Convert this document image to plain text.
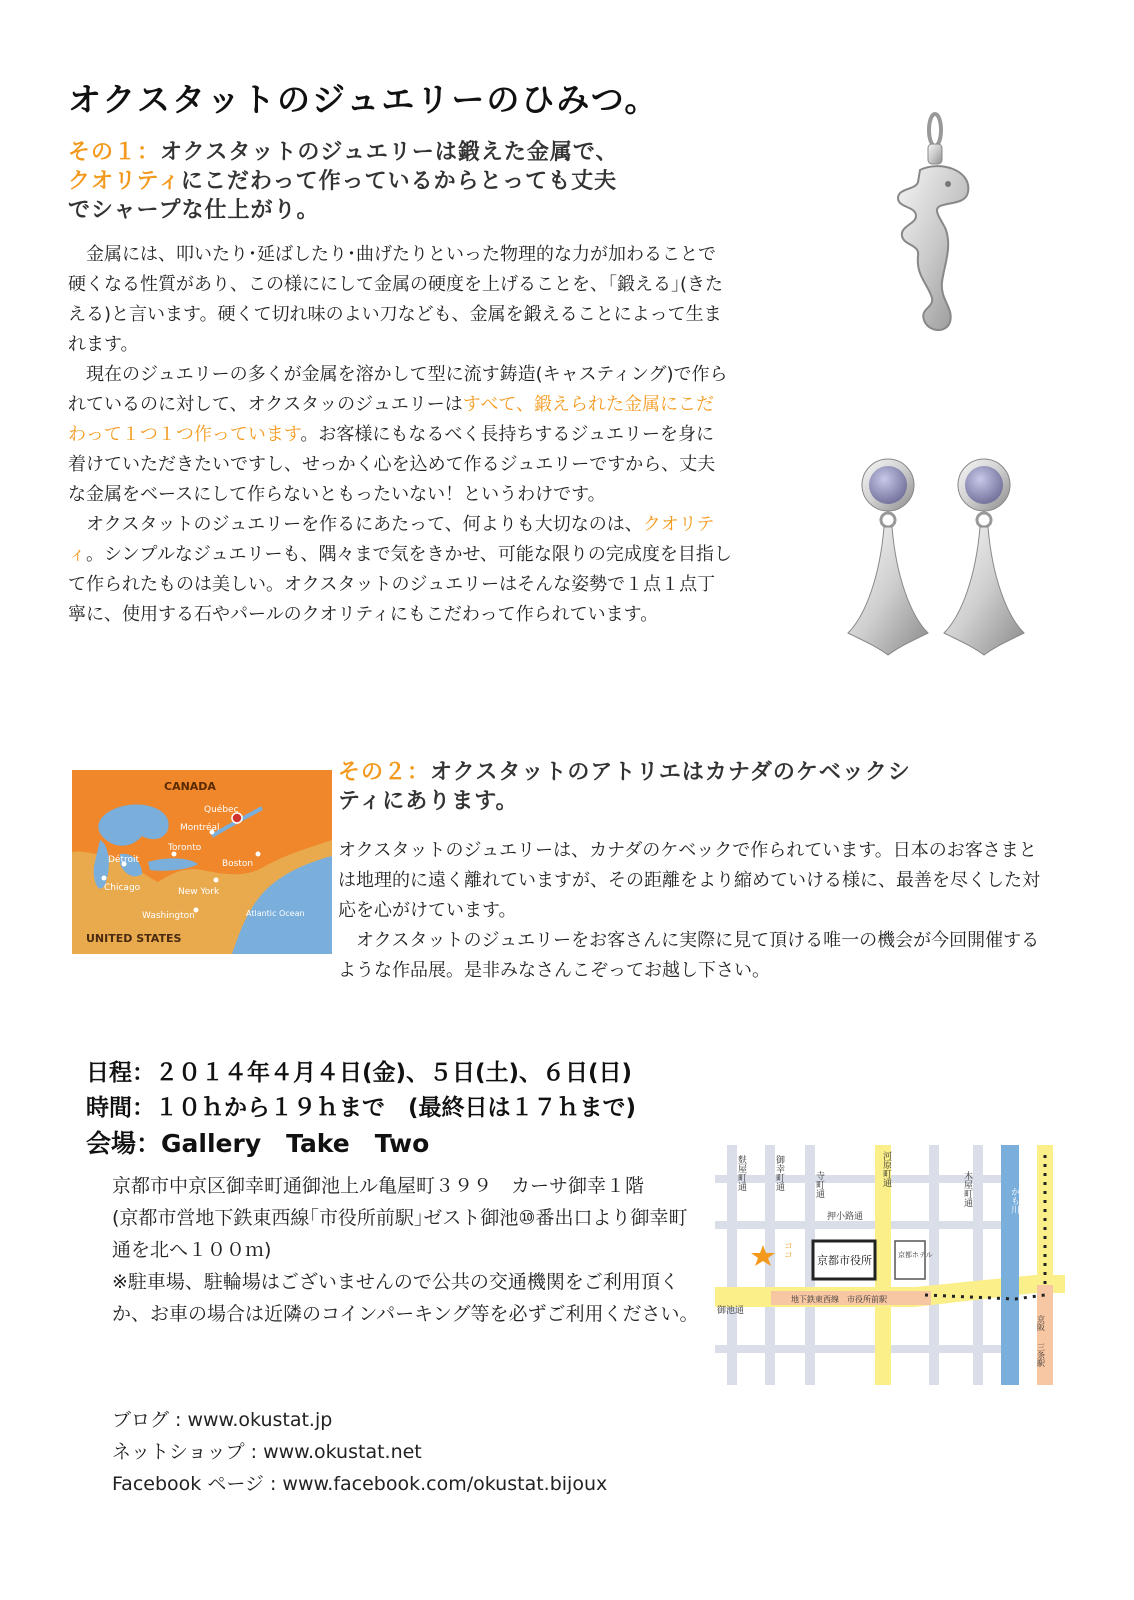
オクスタットのジュエリーのひみつ。
その１：オクスタットのジュエリーは鍛えた金属で、
クオリティにこだわって作っているからとっても丈夫
でシャープな仕上がり。

金属には、叩いたり･延ばしたり･曲げたりといった物理的な力が加わることで硬くなる性質があり、この様ににして金属の硬度を上げることを、｢鍛える｣(きたえる)と言います。硬くて切れ味のよい刀なども、金属を鍛えることによって生まれます。

現在のジュエリーの多くが金属を溶かして型に流す鋳造(キャスティング)で作られているのに対して、オクスタッのジュエリーはすべて、鍛えられた金属にこだわって１つ１つ作っています。お客様にもなるべく長持ちするジュエリーを身に着けていただきたいですし、せっかく心を込めて作るジュエリーですから、丈夫な金属をベースにして作らないともったいない！というわけです。

オクスタットのジュエリーを作るにあたって、何よりも大切なのは、クオリティ。シンプルなジュエリーも、隅々まで気をきかせ、可能な限りの完成度を目指して作られたものは美しい。オクスタットのジュエリーはそんな姿勢で１点１点丁寧に、使用する石やパールのクオリティにもこだわって作られています。

CANADA
Québec
Montréal
Toronto
Détroit
Chicago
Boston
New York
Washington	Atlantic Ocean
UNITED STATES
その２：オクスタットのアトリエはカナダのケベックシ
ティにあります。

オクスタットのジュエリーは、カナダのケベックで作られています。日本のお客さまとは地理的に遠く離れていますが、その距離をより縮めていける様に、最善を尽くした対応を心がけています。

オクスタットのジュエリーをお客さんに実際に見て頂ける唯一の機会が今回開催するような作品展。是非みなさんこぞってお越し下さい。

日程：２０１４年４月４日(金)、５日(土)、６日(日)
時間：１０ｈから１９ｈまで　(最終日は１７ｈまで)
会場：Gallery　Take　Two
京都市中京区御幸町通御池上ル亀屋町３９９　カーサ御幸１階
(京都市営地下鉄東西線｢市役所前駅｣ゼスト御池⑩番出口より御幸町通を北へ１００ｍ)
※駐車場、駐輪場はございませんので公共の交通機関をご利用頂くか、お車の場合は近隣のコインパーキング等を必ずご利用ください。
麩屋町通	御幸町通	寺町通	河原町通
木屋町通	かも川
押小路通
ココ
京都市役所	京都ホテル
御池通
地下鉄東西線　市役所前駅
京阪
三条駅
ブログ : www.okustat.jp
ネットショップ : www.okustat.net
Facebook ページ : www.facebook.com/okustat.bijoux
